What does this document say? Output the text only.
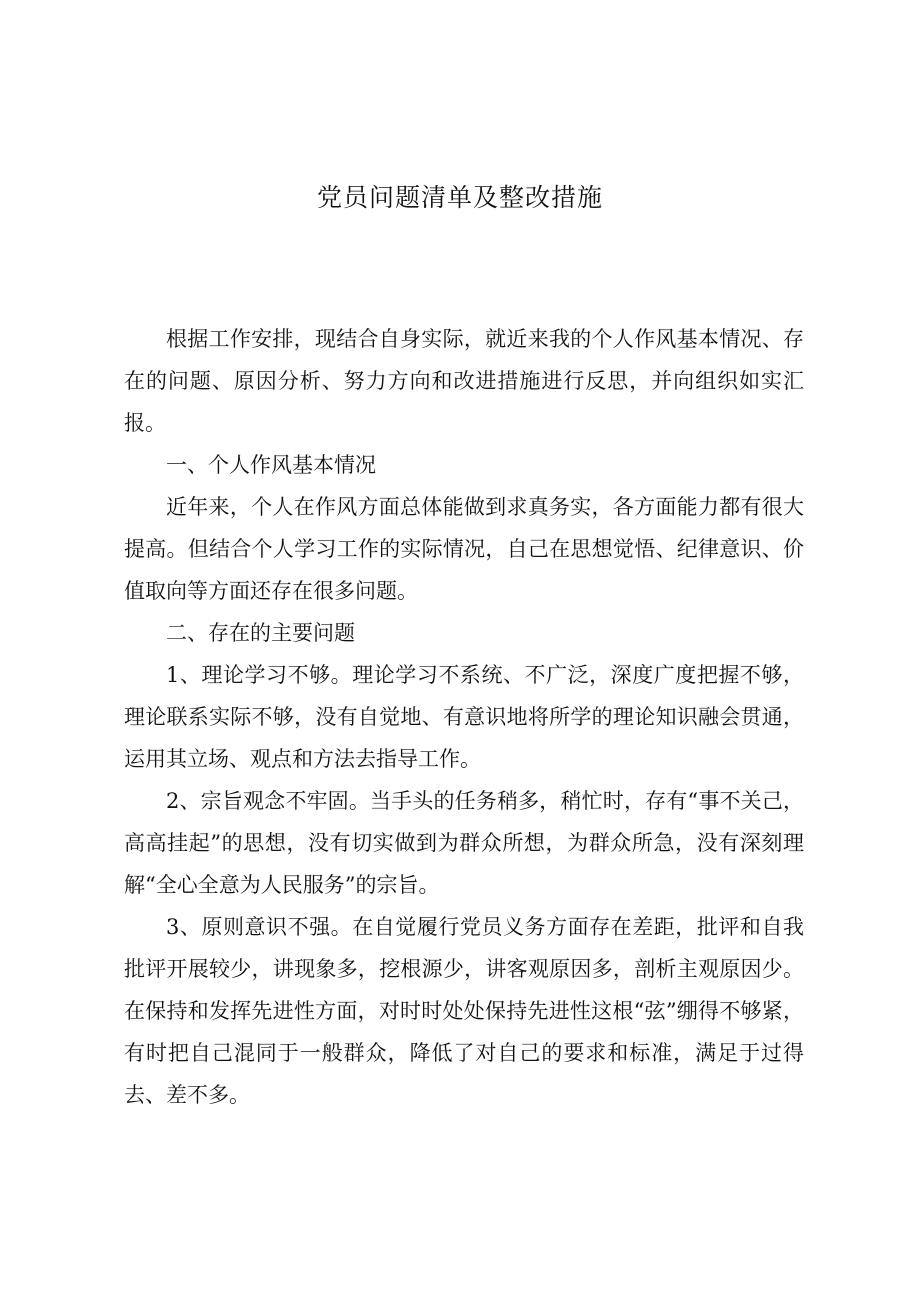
党员问题清单及整改措施

根据工作安排，现结合自身实际，就近来我的个人作风基本情况、存在的问题、原因分析、努力方向和改进措施进行反思，并向组织如实汇报。

一、个人作风基本情况

近年来，个人在作风方面总体能做到求真务实，各方面能力都有很大提高。但结合个人学习工作的实际情况，自己在思想觉悟、纪律意识、价值取向等方面还存在很多问题。

二、存在的主要问题

1、理论学习不够。理论学习不系统、不广泛，深度广度把握不够，理论联系实际不够，没有自觉地、有意识地将所学的理论知识融会贯通，运用其立场、观点和方法去指导工作。

2、宗旨观念不牢固。当手头的任务稍多，稍忙时，存有“事不关己，高高挂起”的思想，没有切实做到为群众所想，为群众所急，没有深刻理解“全心全意为人民服务”的宗旨。

3、原则意识不强。在自觉履行党员义务方面存在差距，批评和自我批评开展较少，讲现象多，挖根源少，讲客观原因多，剖析主观原因少。在保持和发挥先进性方面，对时时处处保持先进性这根“弦”绷得不够紧，有时把自己混同于一般群众，降低了对自己的要求和标准，满足于过得去、差不多。
